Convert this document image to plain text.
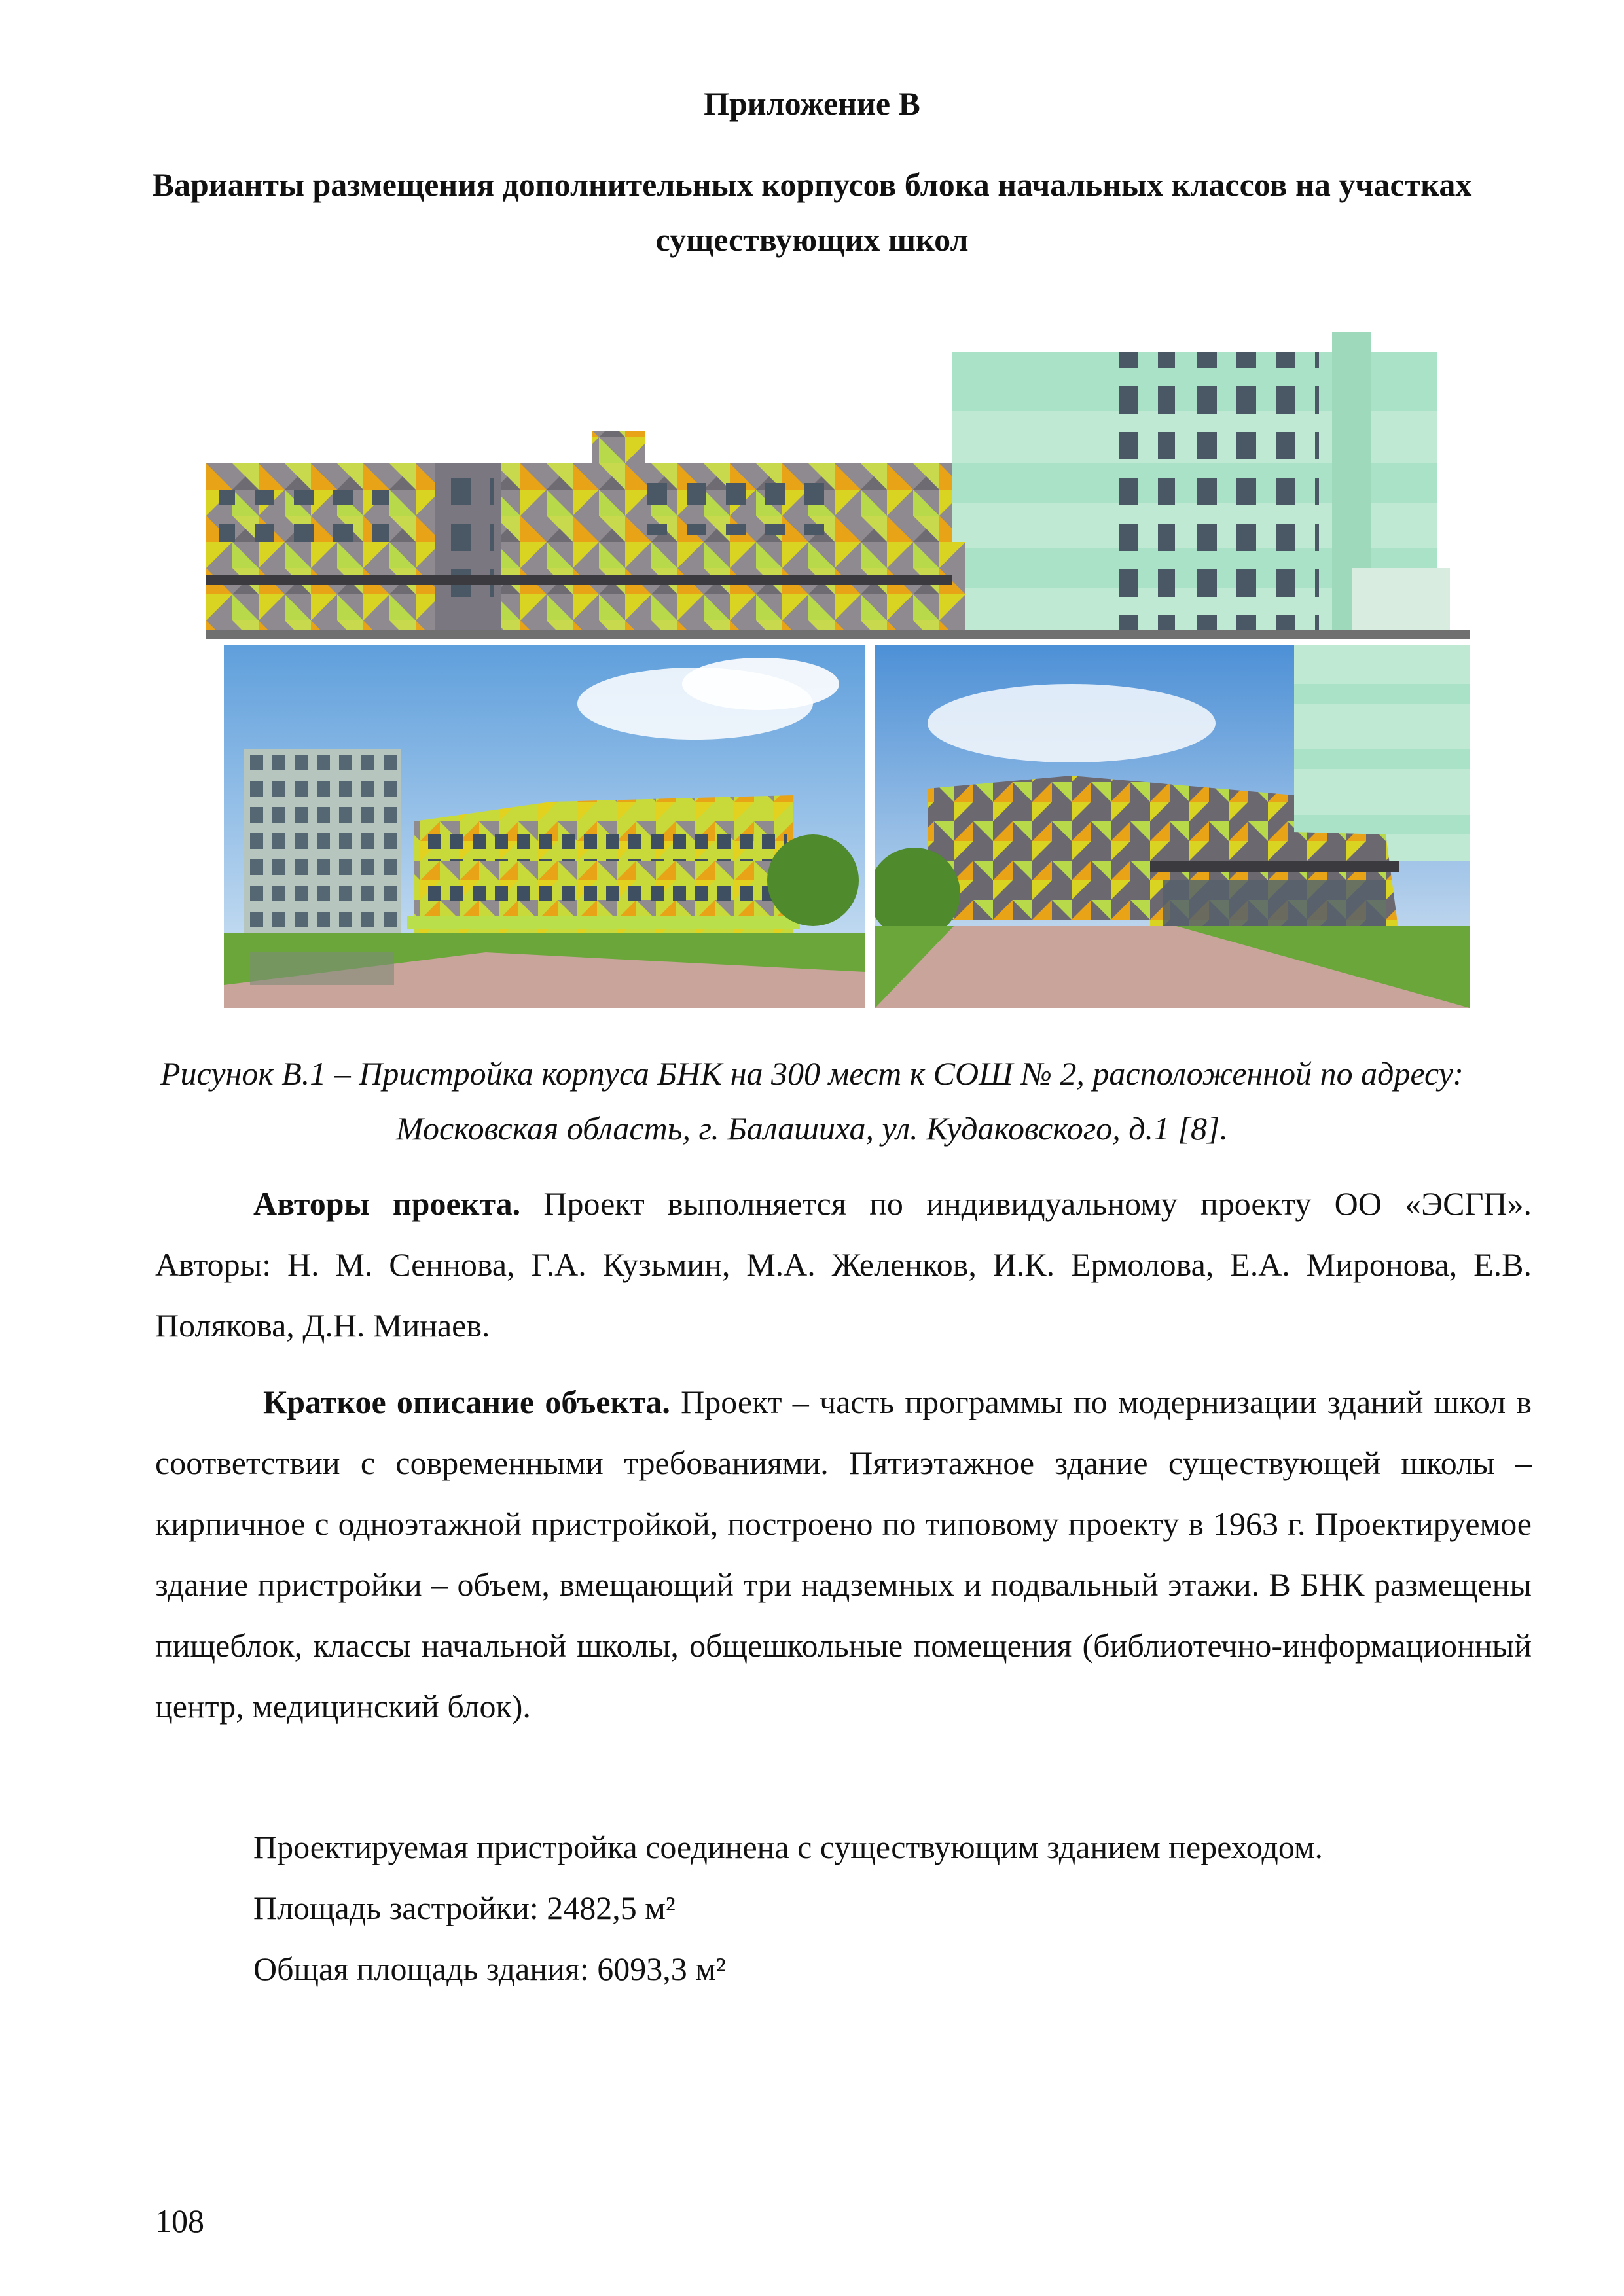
Приложение В
Варианты размещения дополнительных корпусов блока начальных классов на участках существующих школ
Рисунок В.1 – Пристройка корпуса БНК на 300 мест к СОШ № 2, расположенной по адресу: Московская область, г. Балашиха, ул. Кудаковского, д.1 [8].

Авторы проекта. Проект выполняется по индивидуальному проекту ОО «ЭСГП». Авторы: Н. М. Сеннова, Г.А. Кузьмин, М.А. Желенков, И.К. Ермолова, Е.А. Миронова, Е.В. Полякова, Д.Н. Минаев.

Краткое описание объекта. Проект – часть программы по модернизации зданий школ в соответствии с современными требованиями. Пятиэтажное здание существующей школы – кирпичное с одноэтажной пристройкой, построено по типовому проекту в 1963 г. Проектируемое здание пристройки – объем, вмещающий три надземных и подвальный этажи. В БНК размещены пищеблок, классы начальной школы, общешкольные помещения (библиотечно-информационный центр, медицинский блок).

Проектируемая пристройка соединена с существующим зданием переходом.

Площадь застройки: 2482,5 м²

Общая площадь здания: 6093,3 м²

108
